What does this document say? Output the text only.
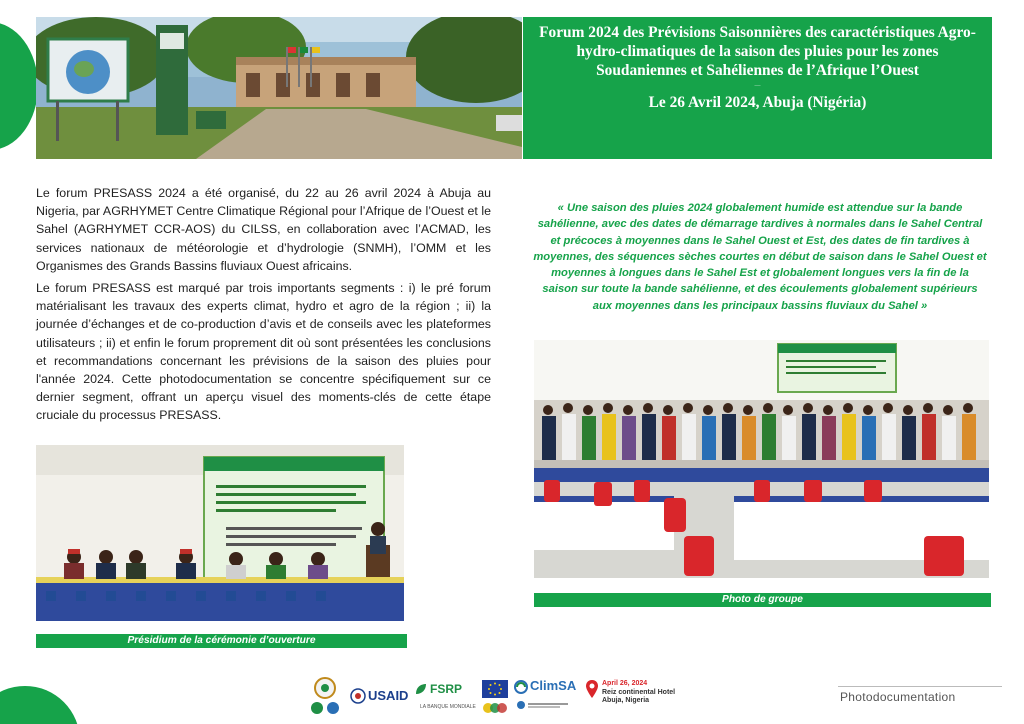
Forum 2024 des Prévisions Saisonnières des caractéristiques Agro-hydro-climatiques de la saison des pluies pour les zones Soudaniennes et Sahéliennes de l’Afrique l’Ouest
—
Le 26 Avril 2024, Abuja (Nigéria)

Le forum PRESASS 2024 a été organisé, du 22 au 26 avril 2024 à Abuja au Nigeria, par AGRHYMET Centre Climatique Régional pour l’Afrique de l’Ouest et le Sahel (AGRHYMET CCR-AOS) du CILSS, en collaboration avec l’ACMAD, les services nationaux de météorologie et d’hydrologie (SNMH), l’OMM et les Organismes des Grands Bassins fluviaux Ouest africains.

Le forum PRESASS est marqué par trois importants segments : i) le pré forum matérialisant les travaux des experts climat, hydro et agro de la région ; ii) la journée d’échanges et de co-production d’avis et de conseils avec les plateformes utilisateurs ; ii) et enfin le forum proprement dit où sont présentées les conclusions et recommandations concernant les prévisions de la saison des pluies pour l'année 2024. Cette photodocumentation se concentre spécifiquement sur ce dernier segment, offrant un aperçu visuel des moments-clés de cette étape cruciale du processus PRESASS.

« Une saison des pluies 2024 globalement humide est attendue sur la bande sahélienne, avec des dates de démarrage tardives à normales dans le Sahel Central et précoces à moyennes dans le Sahel Ouest et Est, des dates de fin tardives à moyennes, des séquences sèches courtes en début de saison dans le Sahel Ouest et moyennes à longues dans le Sahel Est et globalement longues vers la fin de la saison sur toute la bande sahélienne, et des écoulements globalement supérieurs aux moyennes dans les principaux bassins fluviaux du Sahel »
Présidium de la cérémonie d’ouverture
Photo de groupe
USAID FSRP
LA BANQUE MONDIALE
ClimSA	April 26, 2024
Reiz continental Hotel
Abuja, Nigeria	Photodocumentation
